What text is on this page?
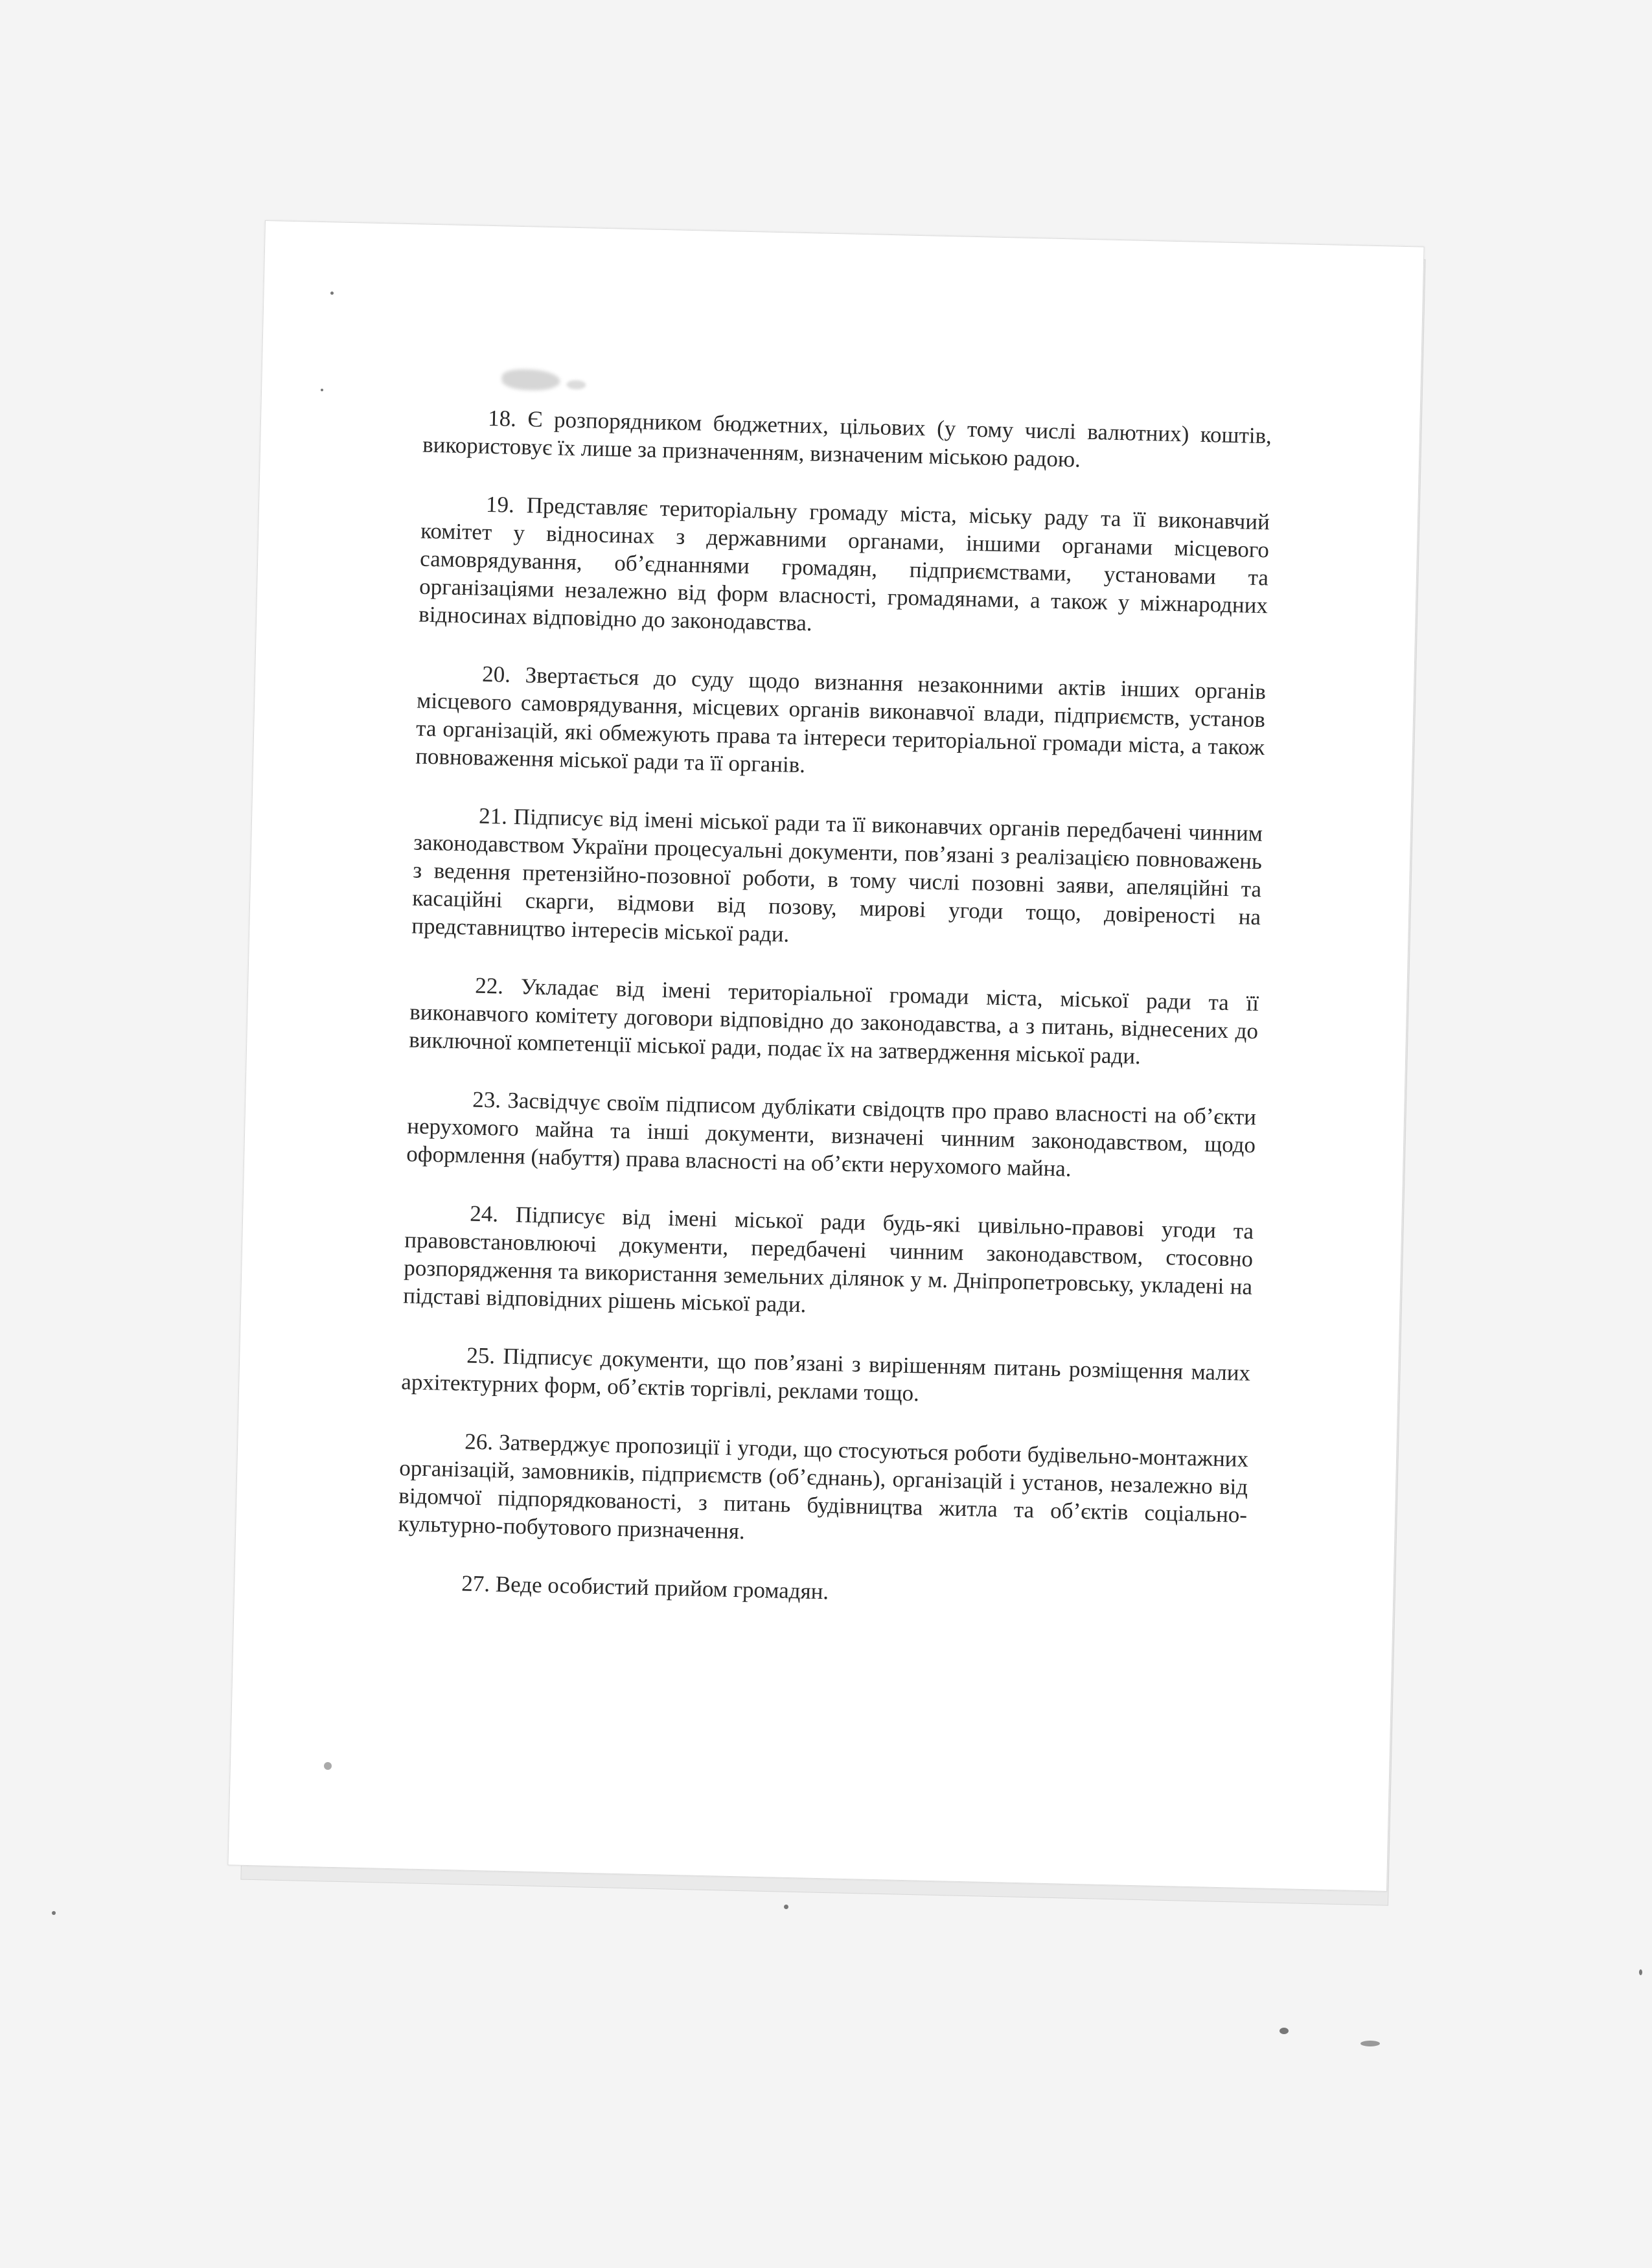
18. Є розпорядником бюджетних, цільових (у тому числі валютних) коштів, використовує їх лише за призначенням, визначеним міською радою.

19. Представляє територіальну громаду міста, міську раду та її виконавчий комітет у відносинах з державними органами, іншими органами місцевого самоврядування, об’єднаннями громадян, підприємствами, установами та організаціями незалежно від форм власності, громадянами, а також у міжнародних відносинах відповідно до законодавства.

20. Звертається до суду щодо визнання незаконними актів інших органів місцевого самоврядування, місцевих органів виконавчої влади, підприємств, установ та організацій, які обмежують права та інтереси територіальної громади міста, а також повноваження міської ради та її органів.

21. Підписує від імені міської ради та її виконавчих органів передбачені чинним законодавством України процесуальні документи, пов’язані з реалізацією повноважень з ведення претензійно-позовної роботи, в тому числі позовні заяви, апеляційні та касаційні скарги, відмови від позову, мирові угоди тощо, довіреності на представництво інтересів міської ради.

22. Укладає від імені територіальної громади міста, міської ради та її виконавчого комітету договори відповідно до законодавства, а з питань, віднесених до виключної компетенції міської ради, подає їх на затвердження міської ради.

23. Засвідчує своїм підписом дублікати свідоцтв про право власності на об’єкти нерухомого майна та інші документи, визначені чинним законодавством, щодо оформлення (набуття) права власності на об’єкти нерухомого майна.

24. Підписує від імені міської ради будь-які цивільно-правові угоди та правовстановлюючі документи, передбачені чинним законодавством, стосовно розпорядження та використання земельних ділянок у м. Дніпропетровську, укладені на підставі відповідних рішень міської ради.

25. Підписує документи, що пов’язані з вирішенням питань розміщення малих архітектурних форм, об’єктів торгівлі, реклами тощо.

26. Затверджує пропозиції і угоди, що стосуються роботи будівельно-монтажних організацій, замовників, підприємств (об’єднань), організацій і установ, незалежно від відомчої підпорядкованості, з питань будівництва житла та об’єктів соціально-культурно-побутового призначення.

27. Веде особистий прийом громадян.
